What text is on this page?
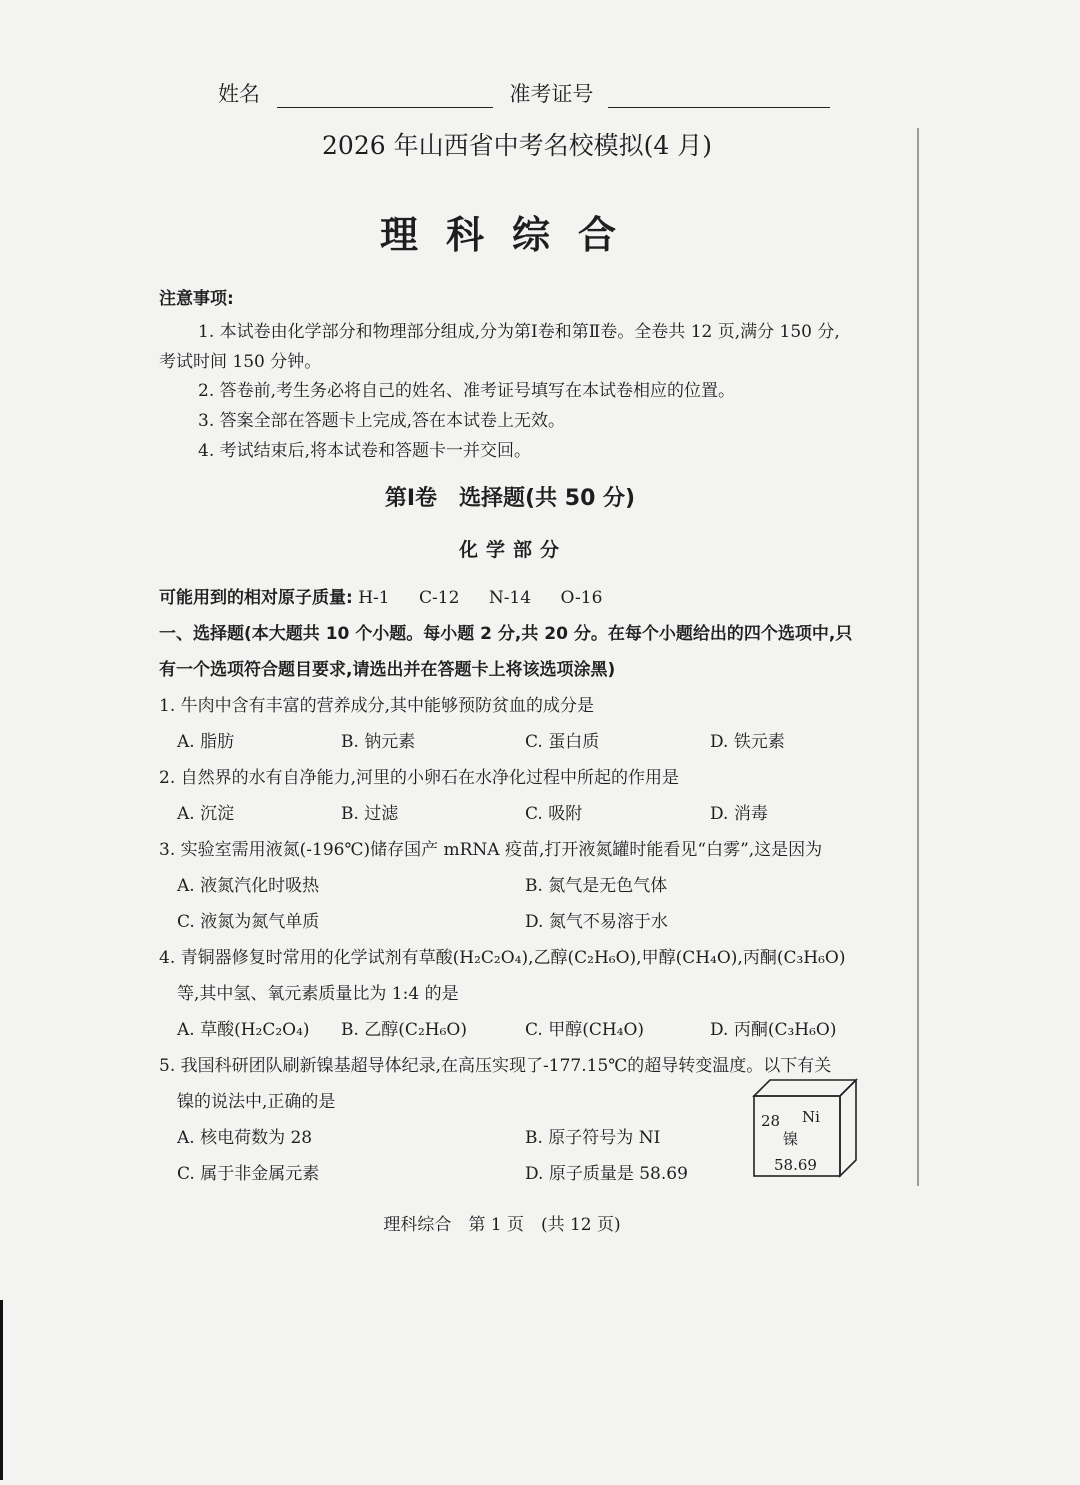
姓名	准考证号
2026 年山西省中考名校模拟(4 月)
理科综合
注意事项:
1. 本试卷由化学部分和物理部分组成,分为第Ⅰ卷和第Ⅱ卷。全卷共 12 页,满分 150 分,
考试时间 150 分钟。
2. 答卷前,考生务必将自己的姓名、准考证号填写在本试卷相应的位置。
3. 答案全部在答题卡上完成,答在本试卷上无效。
4. 考试结束后,将本试卷和答题卡一并交回。
第Ⅰ卷　选择题(共 50 分)
化学部分
可能用到的相对原子质量: H-1 C-12 N-14 O-16
一、选择题(本大题共 10 个小题。每小题 2 分,共 20 分。在每个小题给出的四个选项中,只
有一个选项符合题目要求,请选出并在答题卡上将该选项涂黑)
1. 牛肉中含有丰富的营养成分,其中能够预防贫血的成分是
A. 脂肪	B. 钠元素	C. 蛋白质	D. 铁元素
2. 自然界的水有自净能力,河里的小卵石在水净化过程中所起的作用是
A. 沉淀	B. 过滤	C. 吸附	D. 消毒
3. 实验室需用液氮(-196℃)储存国产 mRNA 疫苗,打开液氮罐时能看见“白雾”,这是因为
A. 液氮汽化时吸热	B. 氮气是无色气体
C. 液氮为氮气单质	D. 氮气不易溶于水
4. 青铜器修复时常用的化学试剂有草酸(H₂C₂O₄),乙醇(C₂H₆O),甲醇(CH₄O),丙酮(C₃H₆O)
等,其中氢、氧元素质量比为 1:4 的是
A. 草酸(H₂C₂O₄) B. 乙醇(C₂H₆O)	C. 甲醇(CH₄O)	D. 丙酮(C₃H₆O)
5. 我国科研团队刷新镍基超导体纪录,在高压实现了-177.15℃的超导转变温度。以下有关
镍的说法中,正确的是
A. 核电荷数为 28	B. 原子符号为 NI
C. 属于非金属元素	D. 原子质量是 58.69
28 Ni
镍
58.69
理科综合　第 1 页　(共 12 页)
